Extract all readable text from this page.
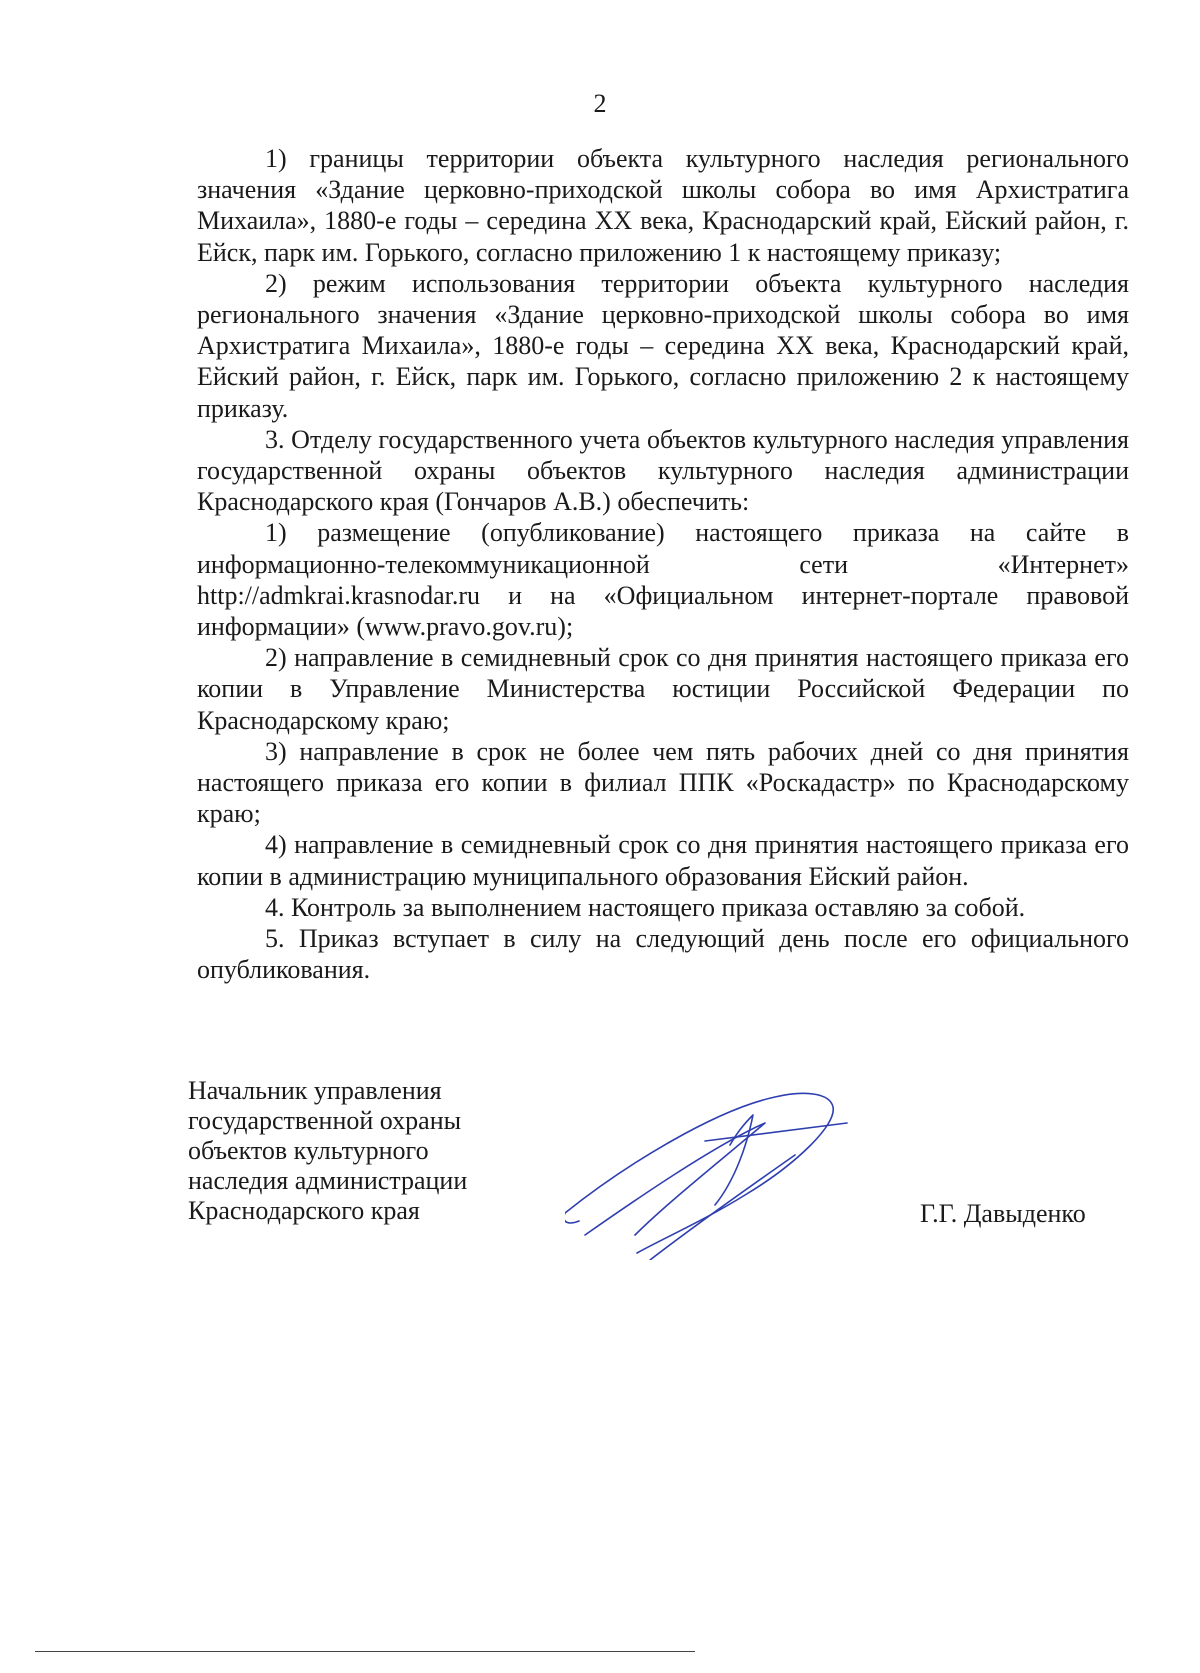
2

1) границы территории объекта культурного наследия регионального значения «Здание церковно-приходской школы собора во имя Архистратига Михаила», 1880-е годы – середина XX века, Краснодарский край, Ейский район, г. Ейск, парк им. Горького, согласно приложению 1 к настоящему приказу;

2) режим использования территории объекта культурного наследия регионального значения «Здание церковно-приходской школы собора во имя Архистратига Михаила», 1880-е годы – середина XX века, Краснодарский край, Ейский район, г. Ейск, парк им. Горького, согласно приложению 2 к настоящему приказу.

3. Отделу государственного учета объектов культурного наследия управления государственной охраны объектов культурного наследия администрации Краснодарского края (Гончаров А.В.) обеспечить:

1) размещение (опубликование) настоящего приказа на сайте в информационно-телекоммуникационной сети «Интернет» http://admkrai.krasnodar.ru и на «Официальном интернет-портале правовой информации» (www.pravo.gov.ru);

2) направление в семидневный срок со дня принятия настоящего приказа его копии в Управление Министерства юстиции Российской Федерации по Краснодарскому краю;

3) направление в срок не более чем пять рабочих дней со дня принятия настоящего приказа его копии в филиал ППК «Роскадастр» по Краснодарскому краю;

4) направление в семидневный срок со дня принятия настоящего приказа его копии в администрацию муниципального образования Ейский район.

4. Контроль за выполнением настоящего приказа оставляю за собой.

5. Приказ вступает в силу на следующий день после его официального опубликования.

Начальник управления
государственной охраны
объектов культурного
наследия администрации
Краснодарского края	Г.Г. Давыденко
